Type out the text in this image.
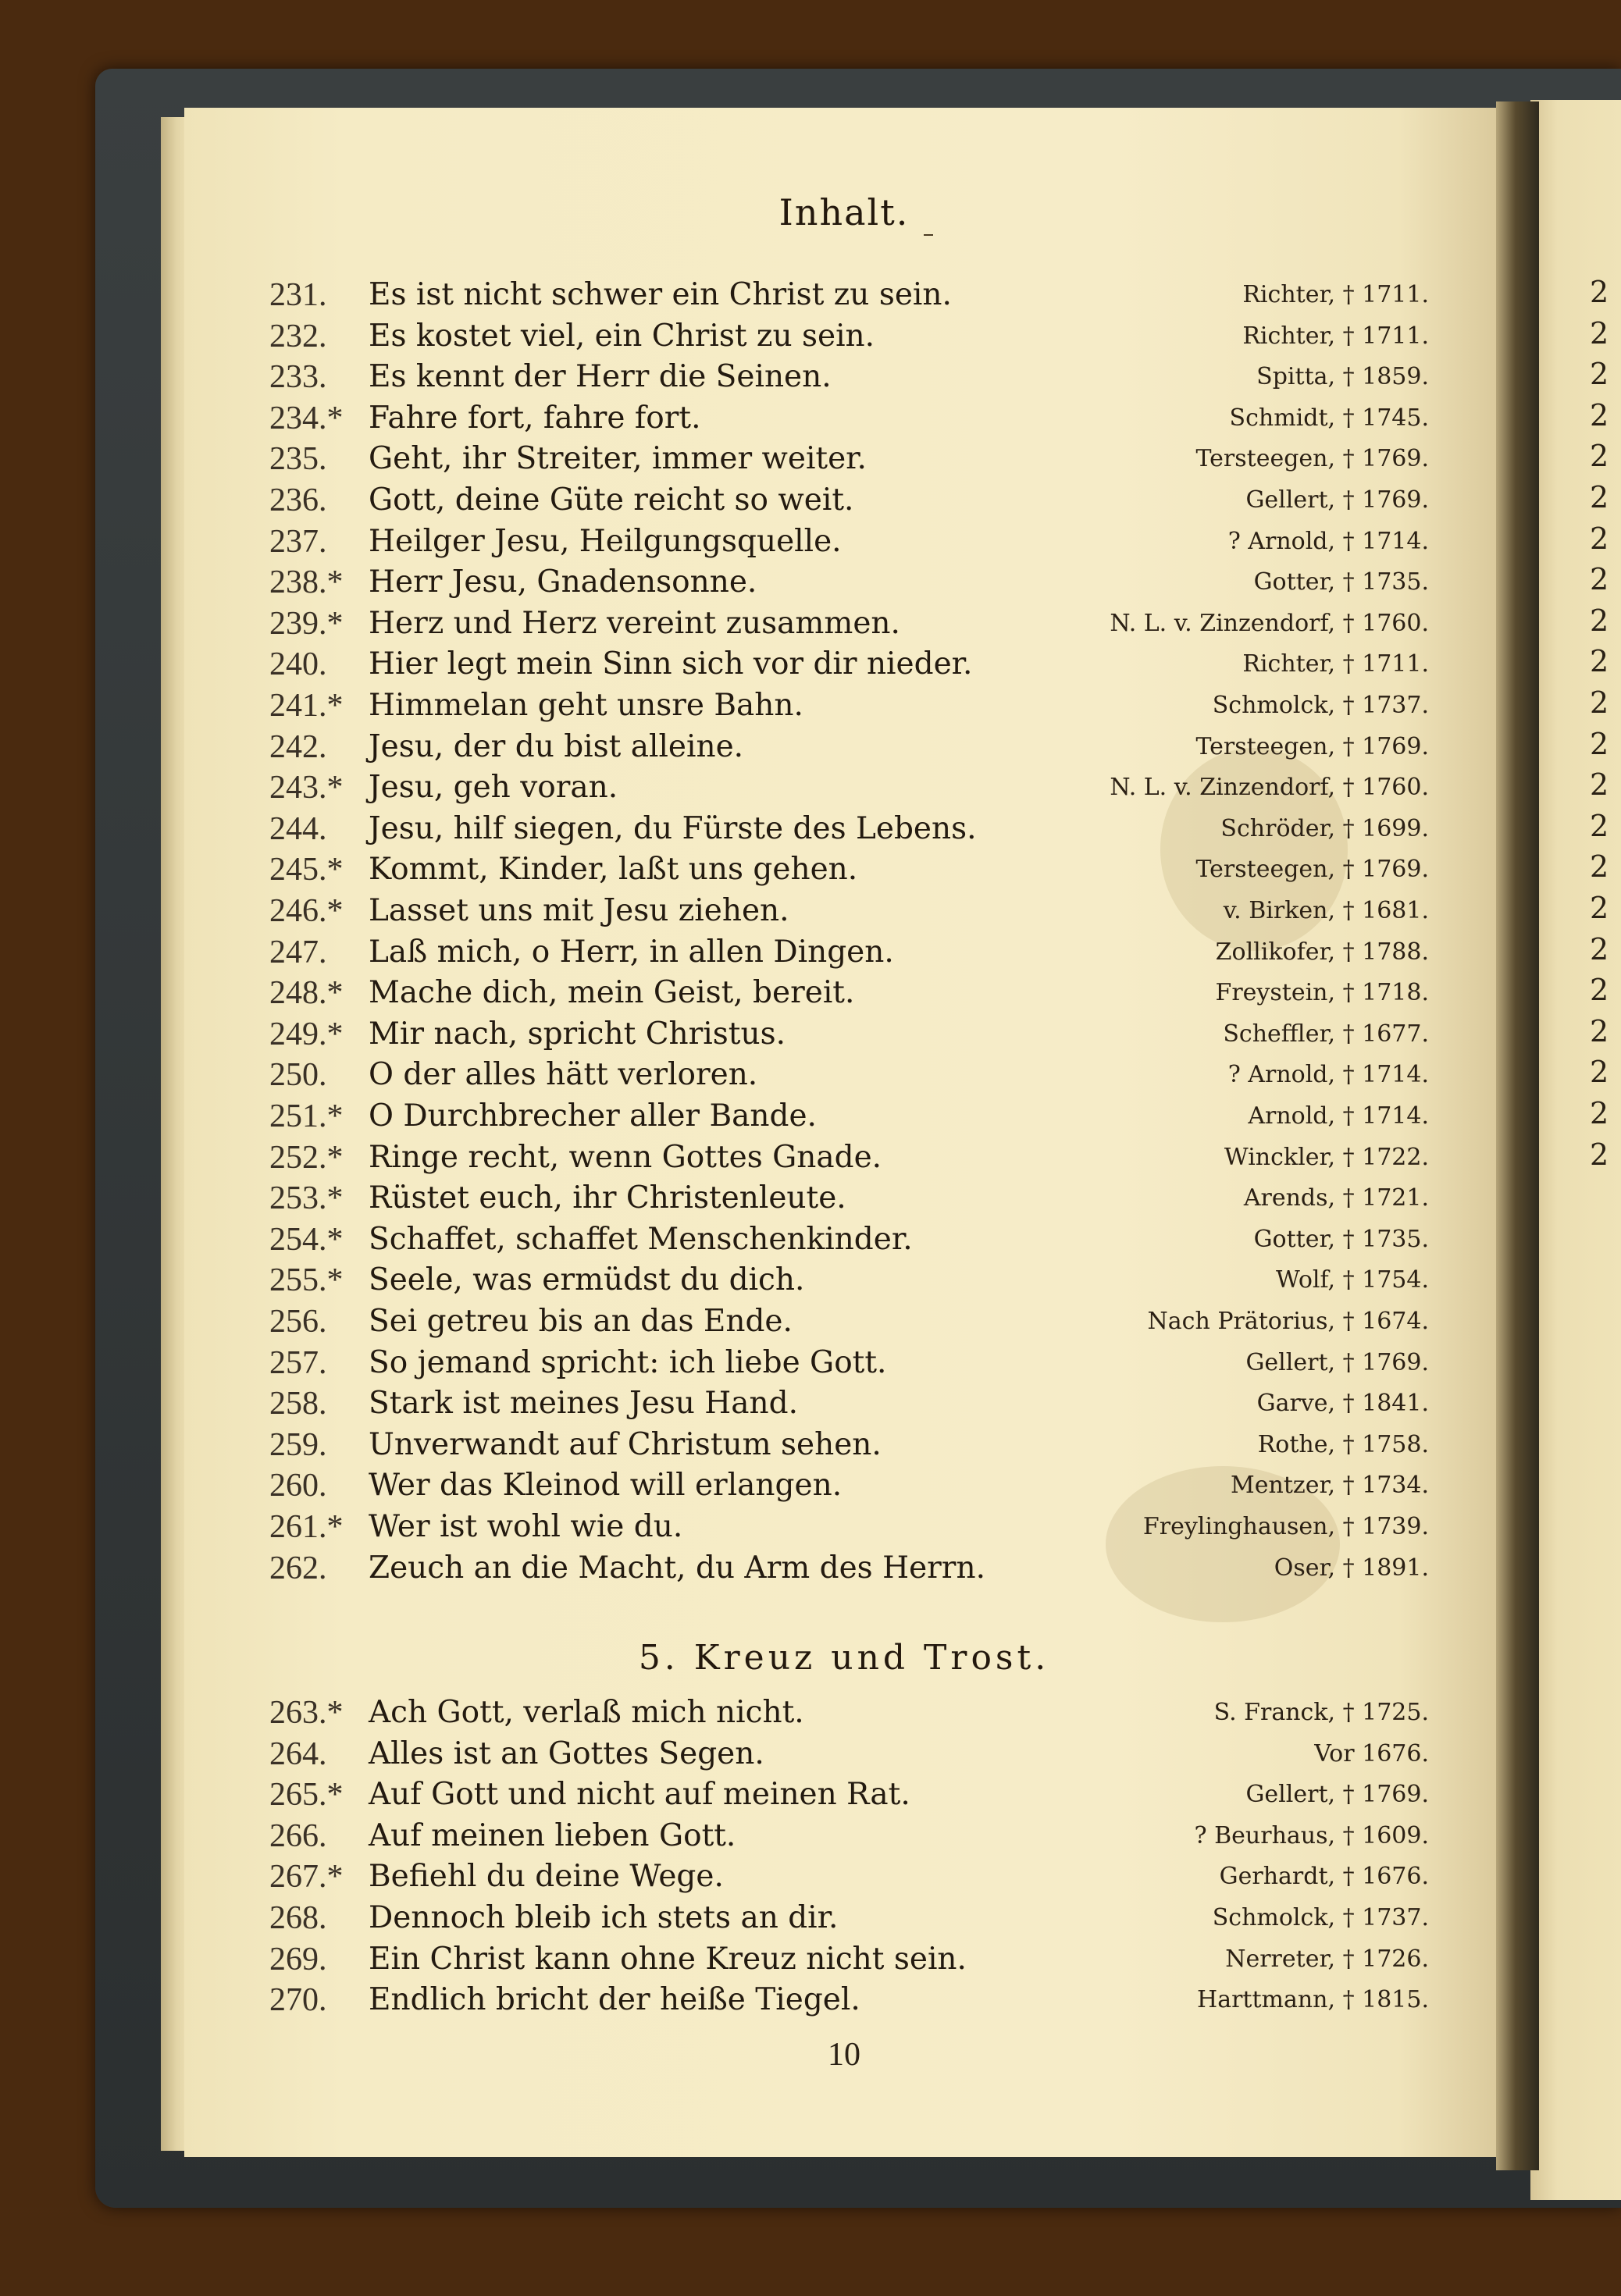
2
2
2
2
2
2
2
2
2
2
2
2
2
2
2
2
2
2
2
2
2
2
Inhalt.
231.	Es ist nicht schwer ein Christ zu sein.	Richter, † 1711.
232.	Es kostet viel, ein Christ zu sein.	Richter, † 1711.
233.	Es kennt der Herr die Seinen.	Spitta, † 1859.
234.* Fahre fort, fahre fort.	Schmidt, † 1745.
235.	Geht, ihr Streiter, immer weiter.	Tersteegen, † 1769.
236.	Gott, deine Güte reicht so weit.	Gellert, † 1769.
237.	Heilger Jesu, Heilgungsquelle.	? Arnold, † 1714.
238.* Herr Jesu, Gnadensonne.	Gotter, † 1735.
239.* Herz und Herz vereint zusammen.	N. L. v. Zinzendorf, † 1760.
240.	Hier legt mein Sinn sich vor dir nieder.	Richter, † 1711.
241.* Himmelan geht unsre Bahn.	Schmolck, † 1737.
242.	Jesu, der du bist alleine.	Tersteegen, † 1769.
243.* Jesu, geh voran.	N. L. v. Zinzendorf, † 1760.
244.	Jesu, hilf siegen, du Fürste des Lebens.	Schröder, † 1699.
245.* Kommt, Kinder, laßt uns gehen.	Tersteegen, † 1769.
246.* Lasset uns mit Jesu ziehen.	v. Birken, † 1681.
247.	Laß mich, o Herr, in allen Dingen.	Zollikofer, † 1788.
248.* Mache dich, mein Geist, bereit.	Freystein, † 1718.
249.* Mir nach, spricht Christus.	Scheffler, † 1677.
250.	O der alles hätt verloren.	? Arnold, † 1714.
251.* O Durchbrecher aller Bande.	Arnold, † 1714.
252.* Ringe recht, wenn Gottes Gnade.	Winckler, † 1722.
253.* Rüstet euch, ihr Christenleute.	Arends, † 1721.
254.* Schaffet, schaffet Menschenkinder.	Gotter, † 1735.
255.* Seele, was ermüdst du dich.	Wolf, † 1754.
256.	Sei getreu bis an das Ende.	Nach Prätorius, † 1674.
257.	So jemand spricht: ich liebe Gott.	Gellert, † 1769.
258.	Stark ist meines Jesu Hand.	Garve, † 1841.
259.	Unverwandt auf Christum sehen.	Rothe, † 1758.
260.	Wer das Kleinod will erlangen.	Mentzer, † 1734.
261.* Wer ist wohl wie du.	Freylinghausen, † 1739.
262.	Zeuch an die Macht, du Arm des Herrn.	Oser, † 1891.
5. Kreuz und Trost.
263.* Ach Gott, verlaß mich nicht.	S. Franck, † 1725.
264.	Alles ist an Gottes Segen.	Vor 1676.
265.* Auf Gott und nicht auf meinen Rat.	Gellert, † 1769.
266.	Auf meinen lieben Gott.	? Beurhaus, † 1609.
267.* Befiehl du deine Wege.	Gerhardt, † 1676.
268.	Dennoch bleib ich stets an dir.	Schmolck, † 1737.
269.	Ein Christ kann ohne Kreuz nicht sein.	Nerreter, † 1726.
270.	Endlich bricht der heiße Tiegel.	Harttmann, † 1815.
10
